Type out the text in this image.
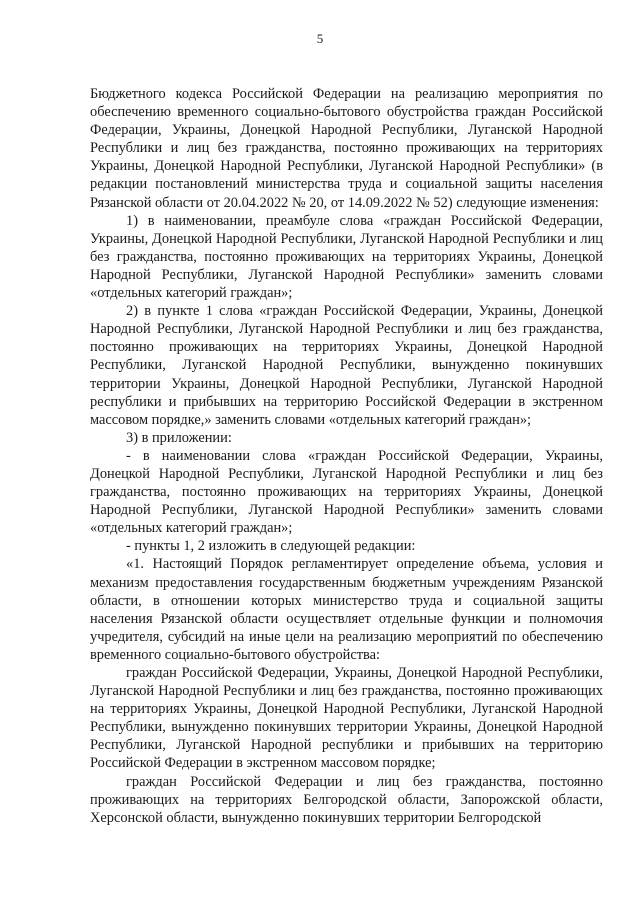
5

Бюджетного кодекса Российской Федерации на реализацию мероприятия по обеспечению временного социально-бытового обустройства граждан Российской Федерации, Украины, Донецкой Народной Республики, Луганской Народной Республики и лиц без гражданства, постоянно проживающих на территориях Украины, Донецкой Народной Республики, Луганской Народной Республики» (в редакции постановлений министерства труда и социальной защиты населения Рязанской области от 20.04.2022 № 20, от 14.09.2022 № 52) следующие изменения:

1) в наименовании, преамбуле слова «граждан Российской Федерации, Украины, Донецкой Народной Республики, Луганской Народной Республики и лиц без гражданства, постоянно проживающих на территориях Украины, Донецкой Народной Республики, Луганской Народной Республики» заменить словами «отдельных категорий граждан»;

2) в пункте 1 слова «граждан Российской Федерации, Украины, Донецкой Народной Республики, Луганской Народной Республики и лиц без гражданства, постоянно проживающих на территориях Украины, Донецкой Народной Республики, Луганской Народной Республики, вынужденно покинувших территории Украины, Донецкой Народной Республики, Луганской Народной республики и прибывших на территорию Российской Федерации в экстренном массовом порядке,» заменить словами «отдельных категорий граждан»;

3) в приложении:

- в наименовании слова «граждан Российской Федерации, Украины, Донецкой Народной Республики, Луганской Народной Республики и лиц без гражданства, постоянно проживающих на территориях Украины, Донецкой Народной Республики, Луганской Народной Республики» заменить словами «отдельных категорий граждан»;

- пункты 1, 2 изложить в следующей редакции:

«1. Настоящий Порядок регламентирует определение объема, условия и механизм предоставления государственным бюджетным учреждениям Рязанской области, в отношении которых министерство труда и социальной защиты населения Рязанской области осуществляет отдельные функции и полномочия учредителя, субсидий на иные цели на реализацию мероприятий по обеспечению временного социально-бытового обустройства:

граждан Российской Федерации, Украины, Донецкой Народной Республики, Луганской Народной Республики и лиц без гражданства, постоянно проживающих на территориях Украины, Донецкой Народной Республики, Луганской Народной Республики, вынужденно покинувших территории Украины, Донецкой Народной Республики, Луганской Народной республики и прибывших на территорию Российской Федерации в экстренном массовом порядке;

граждан Российской Федерации и лиц без гражданства, постоянно проживающих на территориях Белгородской области, Запорожской области, Херсонской области, вынужденно покинувших территории Белгородской
